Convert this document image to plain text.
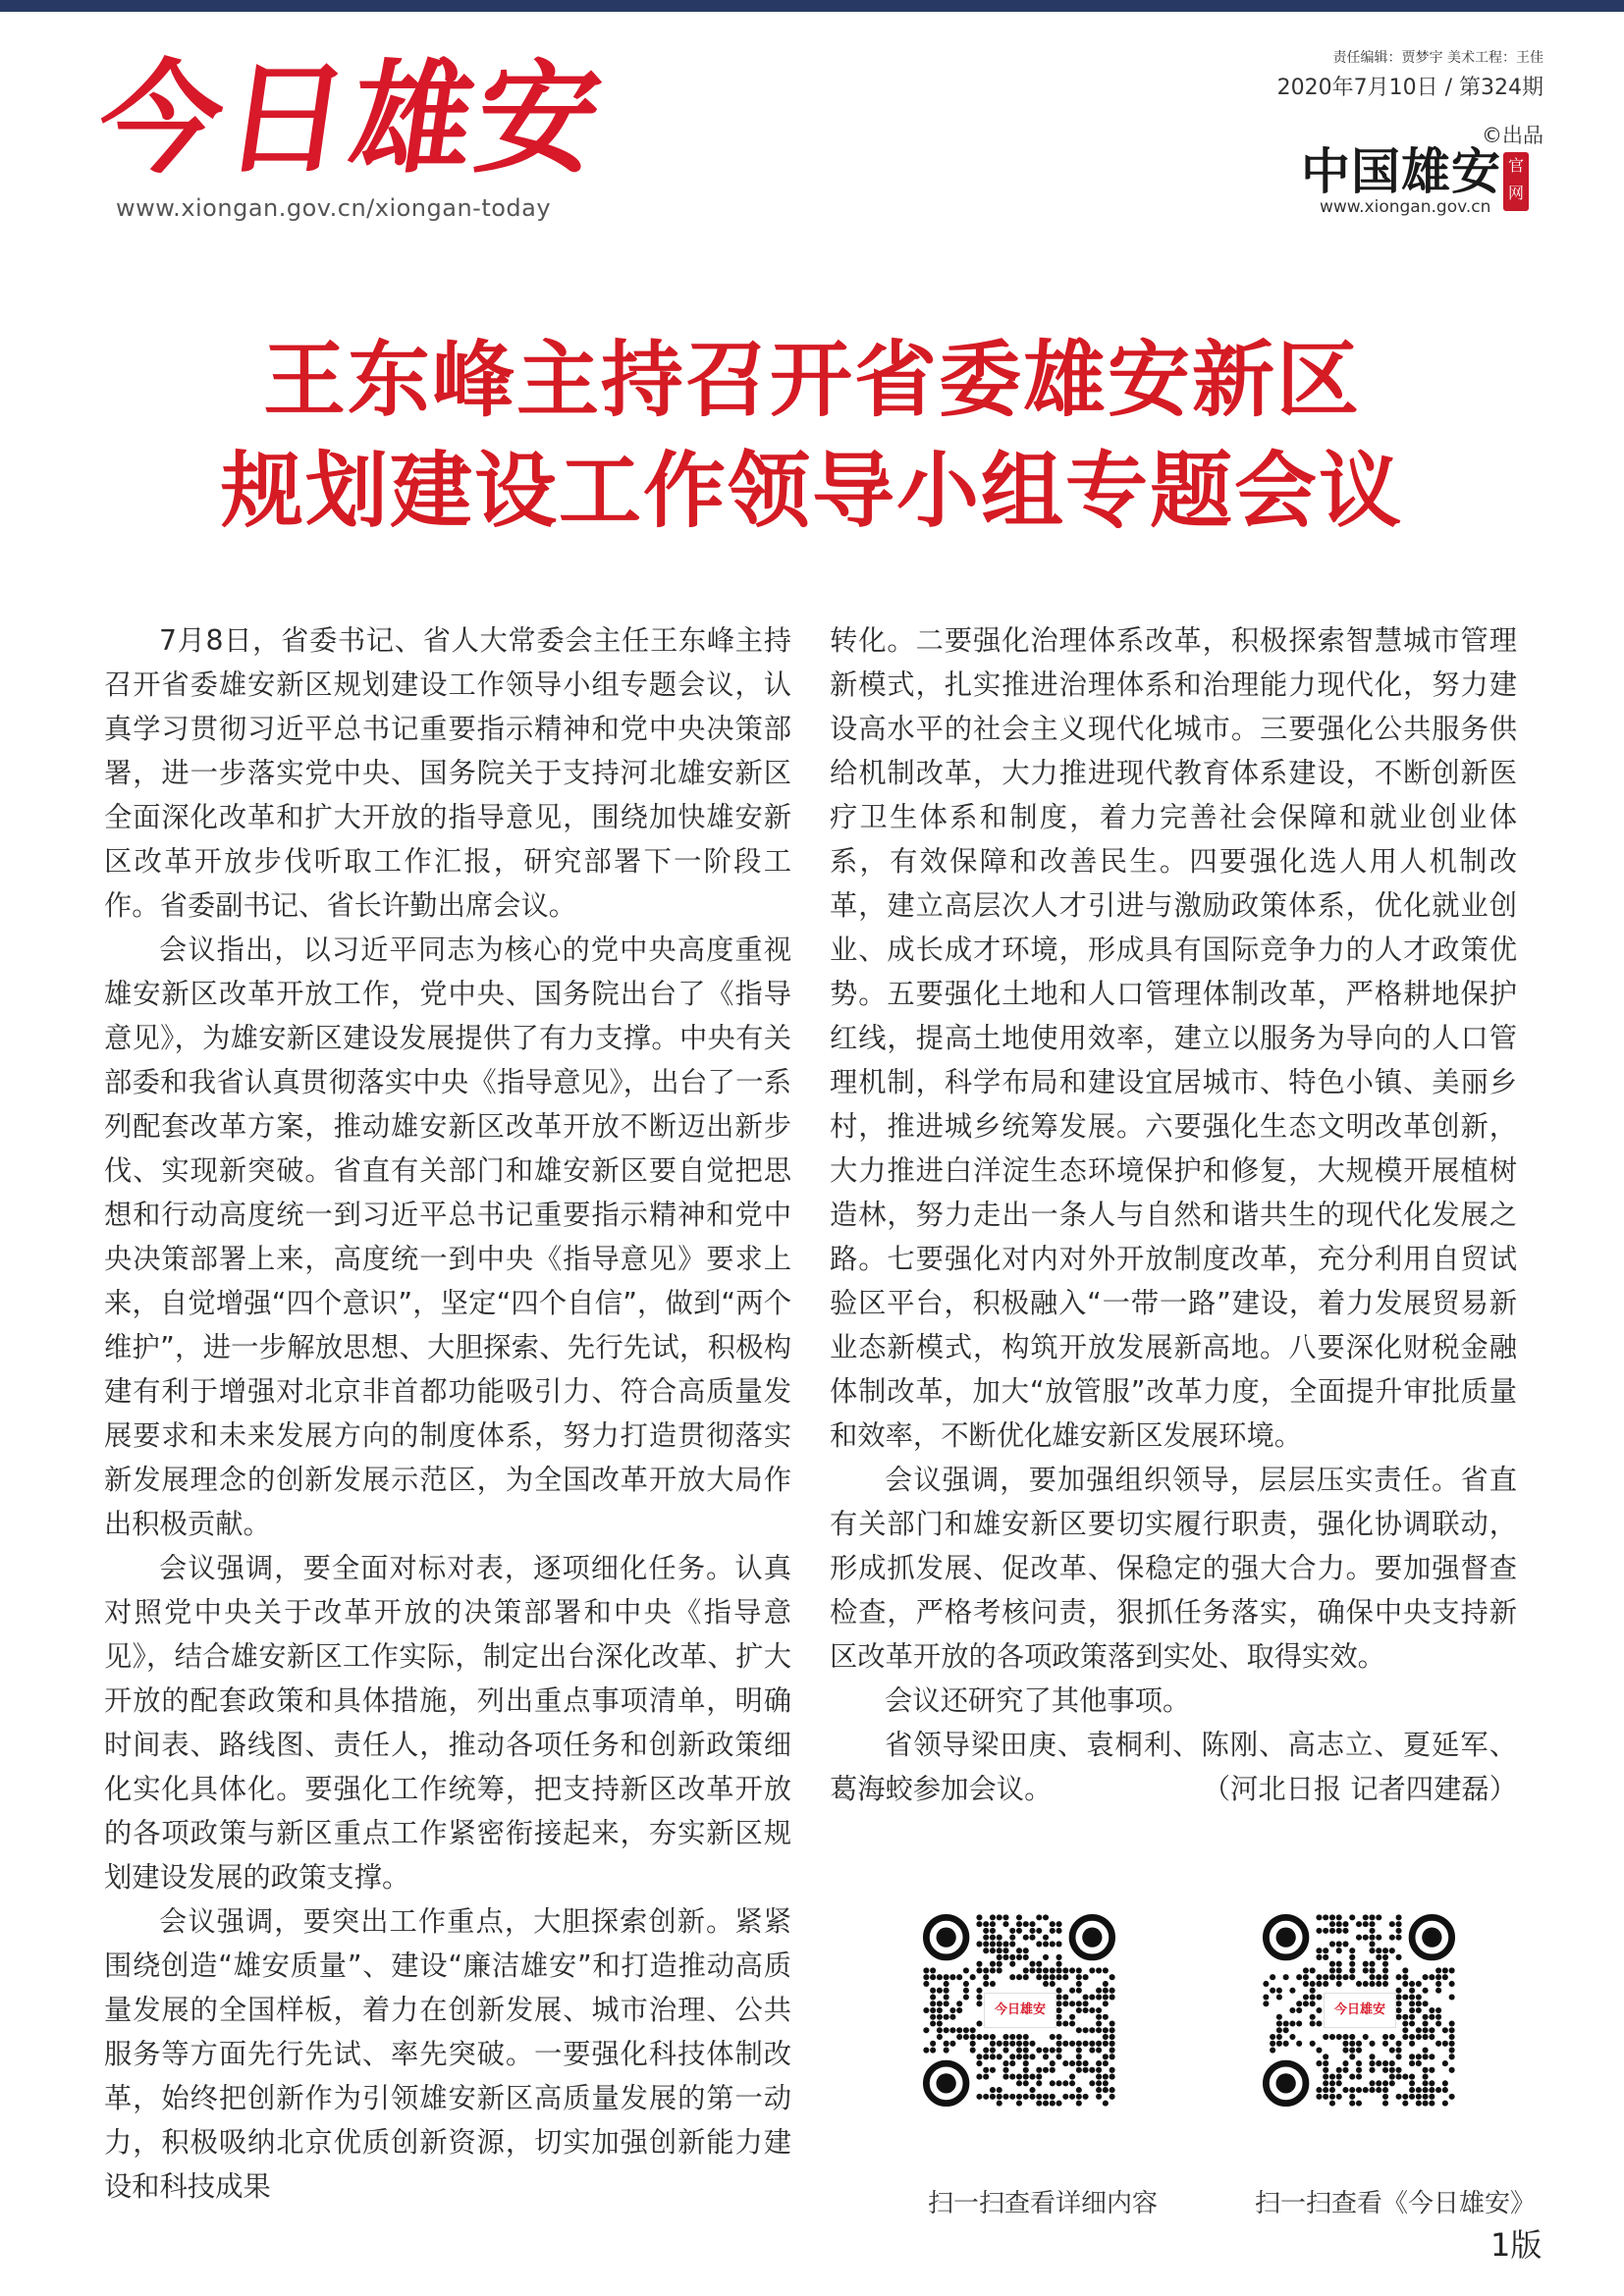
今日雄安
www.xiongan.gov.cn/xiongan-today
责任编辑：贾梦宇 美术工程：王佳
2020年7月10日 / 第324期
©出品
中国雄安 官网
www.xiongan.gov.cn
王东峰主持召开省委雄安新区
规划建设工作领导小组专题会议

7月8日，省委书记、省人大常委会主任王东峰主持召开省委雄安新区规划建设工作领导小组专题会议，认真学习贯彻习近平总书记重要指示精神和党中央决策部署，进一步落实党中央、国务院关于支持河北雄安新区全面深化改革和扩大开放的指导意见，围绕加快雄安新区改革开放步伐听取工作汇报，研究部署下一阶段工作。省委副书记、省长许勤出席会议。

会议指出，以习近平同志为核心的党中央高度重视雄安新区改革开放工作，党中央、国务院出台了《指导意见》，为雄安新区建设发展提供了有力支撑。中央有关部委和我省认真贯彻落实中央《指导意见》，出台了一系列配套改革方案，推动雄安新区改革开放不断迈出新步伐、实现新突破。省直有关部门和雄安新区要自觉把思想和行动高度统一到习近平总书记重要指示精神和党中央决策部署上来，高度统一到中央《指导意见》要求上来，自觉增强“四个意识”，坚定“四个自信”，做到“两个维护”，进一步解放思想、大胆探索、先行先试，积极构建有利于增强对北京非首都功能吸引力、符合高质量发展要求和未来发展方向的制度体系，努力打造贯彻落实新发展理念的创新发展示范区，为全国改革开放大局作出积极贡献。

会议强调，要全面对标对表，逐项细化任务。认真对照党中央关于改革开放的决策部署和中央《指导意见》，结合雄安新区工作实际，制定出台深化改革、扩大开放的配套政策和具体措施，列出重点事项清单，明确时间表、路线图、责任人，推动各项任务和创新政策细化实化具体化。要强化工作统筹，把支持新区改革开放的各项政策与新区重点工作紧密衔接起来，夯实新区规划建设发展的政策支撑。

会议强调，要突出工作重点，大胆探索创新。紧紧围绕创造“雄安质量”、建设“廉洁雄安”和打造推动高质量发展的全国样板，着力在创新发展、城市治理、公共服务等方面先行先试、率先突破。一要强化科技体制改革，始终把创新作为引领雄安新区高质量发展的第一动力，积极吸纳北京优质创新资源，切实加强创新能力建设和科技成果

转化。二要强化治理体系改革，积极探索智慧城市管理新模式，扎实推进治理体系和治理能力现代化，努力建设高水平的社会主义现代化城市。三要强化公共服务供给机制改革，大力推进现代教育体系建设，不断创新医疗卫生体系和制度，着力完善社会保障和就业创业体系，有效保障和改善民生。四要强化选人用人机制改革，建立高层次人才引进与激励政策体系，优化就业创业、成长成才环境，形成具有国际竞争力的人才政策优势。五要强化土地和人口管理体制改革，严格耕地保护红线，提高土地使用效率，建立以服务为导向的人口管理机制，科学布局和建设宜居城市、特色小镇、美丽乡村，推进城乡统筹发展。六要强化生态文明改革创新，大力推进白洋淀生态环境保护和修复，大规模开展植树造林，努力走出一条人与自然和谐共生的现代化发展之路。七要强化对内对外开放制度改革，充分利用自贸试验区平台，积极融入“一带一路”建设，着力发展贸易新业态新模式，构筑开放发展新高地。八要深化财税金融体制改革，加大“放管服”改革力度，全面提升审批质量和效率，不断优化雄安新区发展环境。

会议强调，要加强组织领导，层层压实责任。省直有关部门和雄安新区要切实履行职责，强化协调联动，形成抓发展、促改革、保稳定的强大合力。要加强督查检查，严格考核问责，狠抓任务落实，确保中央支持新区改革开放的各项政策落到实处、取得实效。

会议还研究了其他事项。

省领导梁田庚、袁桐利、陈刚、高志立、夏延军、葛海蛟参加会议。	（河北日报 记者四建磊）

今日雄安	今日雄安
扫一扫查看详细内容	扫一扫查看《今日雄安》
1版
